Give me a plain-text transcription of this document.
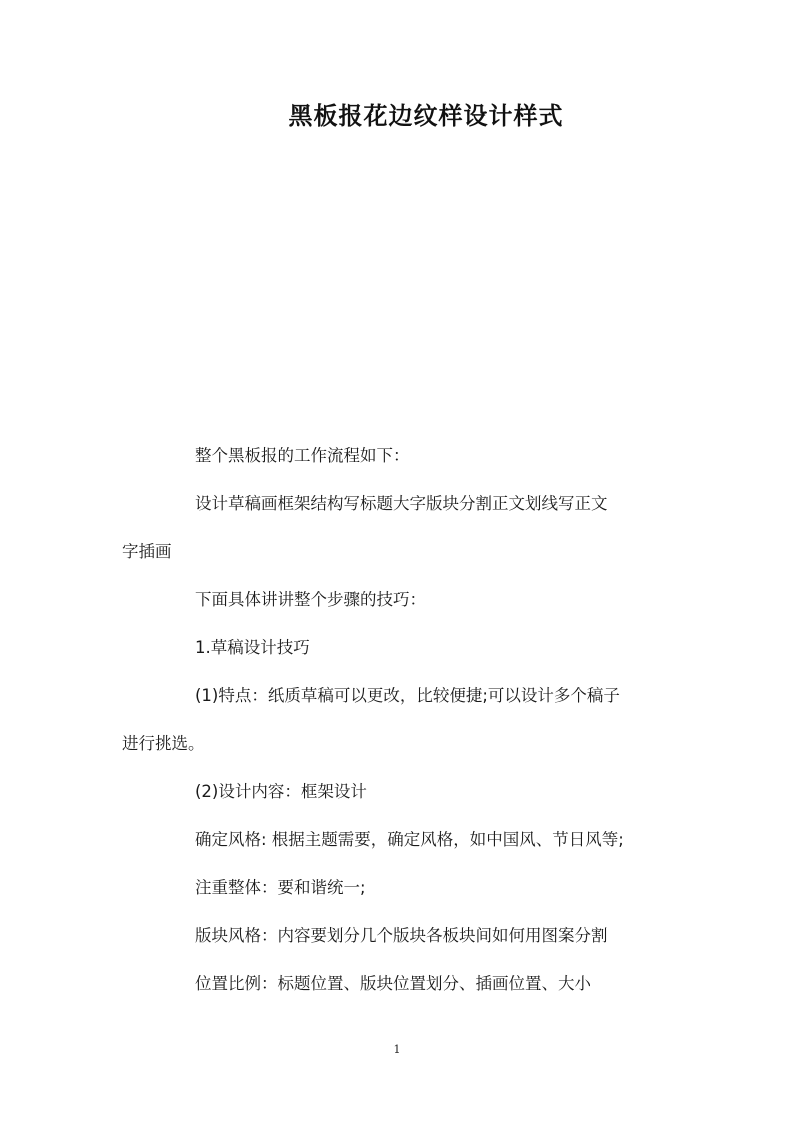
黑板报花边纹样设计样式
整个黑板报的工作流程如下：
设计草稿画框架结构写标题大字版块分割正文划线写正文
字插画
下面具体讲讲整个步骤的技巧：
1.草稿设计技巧
(1)特点：纸质草稿可以更改，比较便捷;可以设计多个稿子
进行挑选。
(2)设计内容：框架设计
确定风格: 根据主题需要，确定风格，如中国风、节日风等;
注重整体：要和谐统一;
版块风格：内容要划分几个版块各板块间如何用图案分割
位置比例：标题位置、版块位置划分、插画位置、大小
1
